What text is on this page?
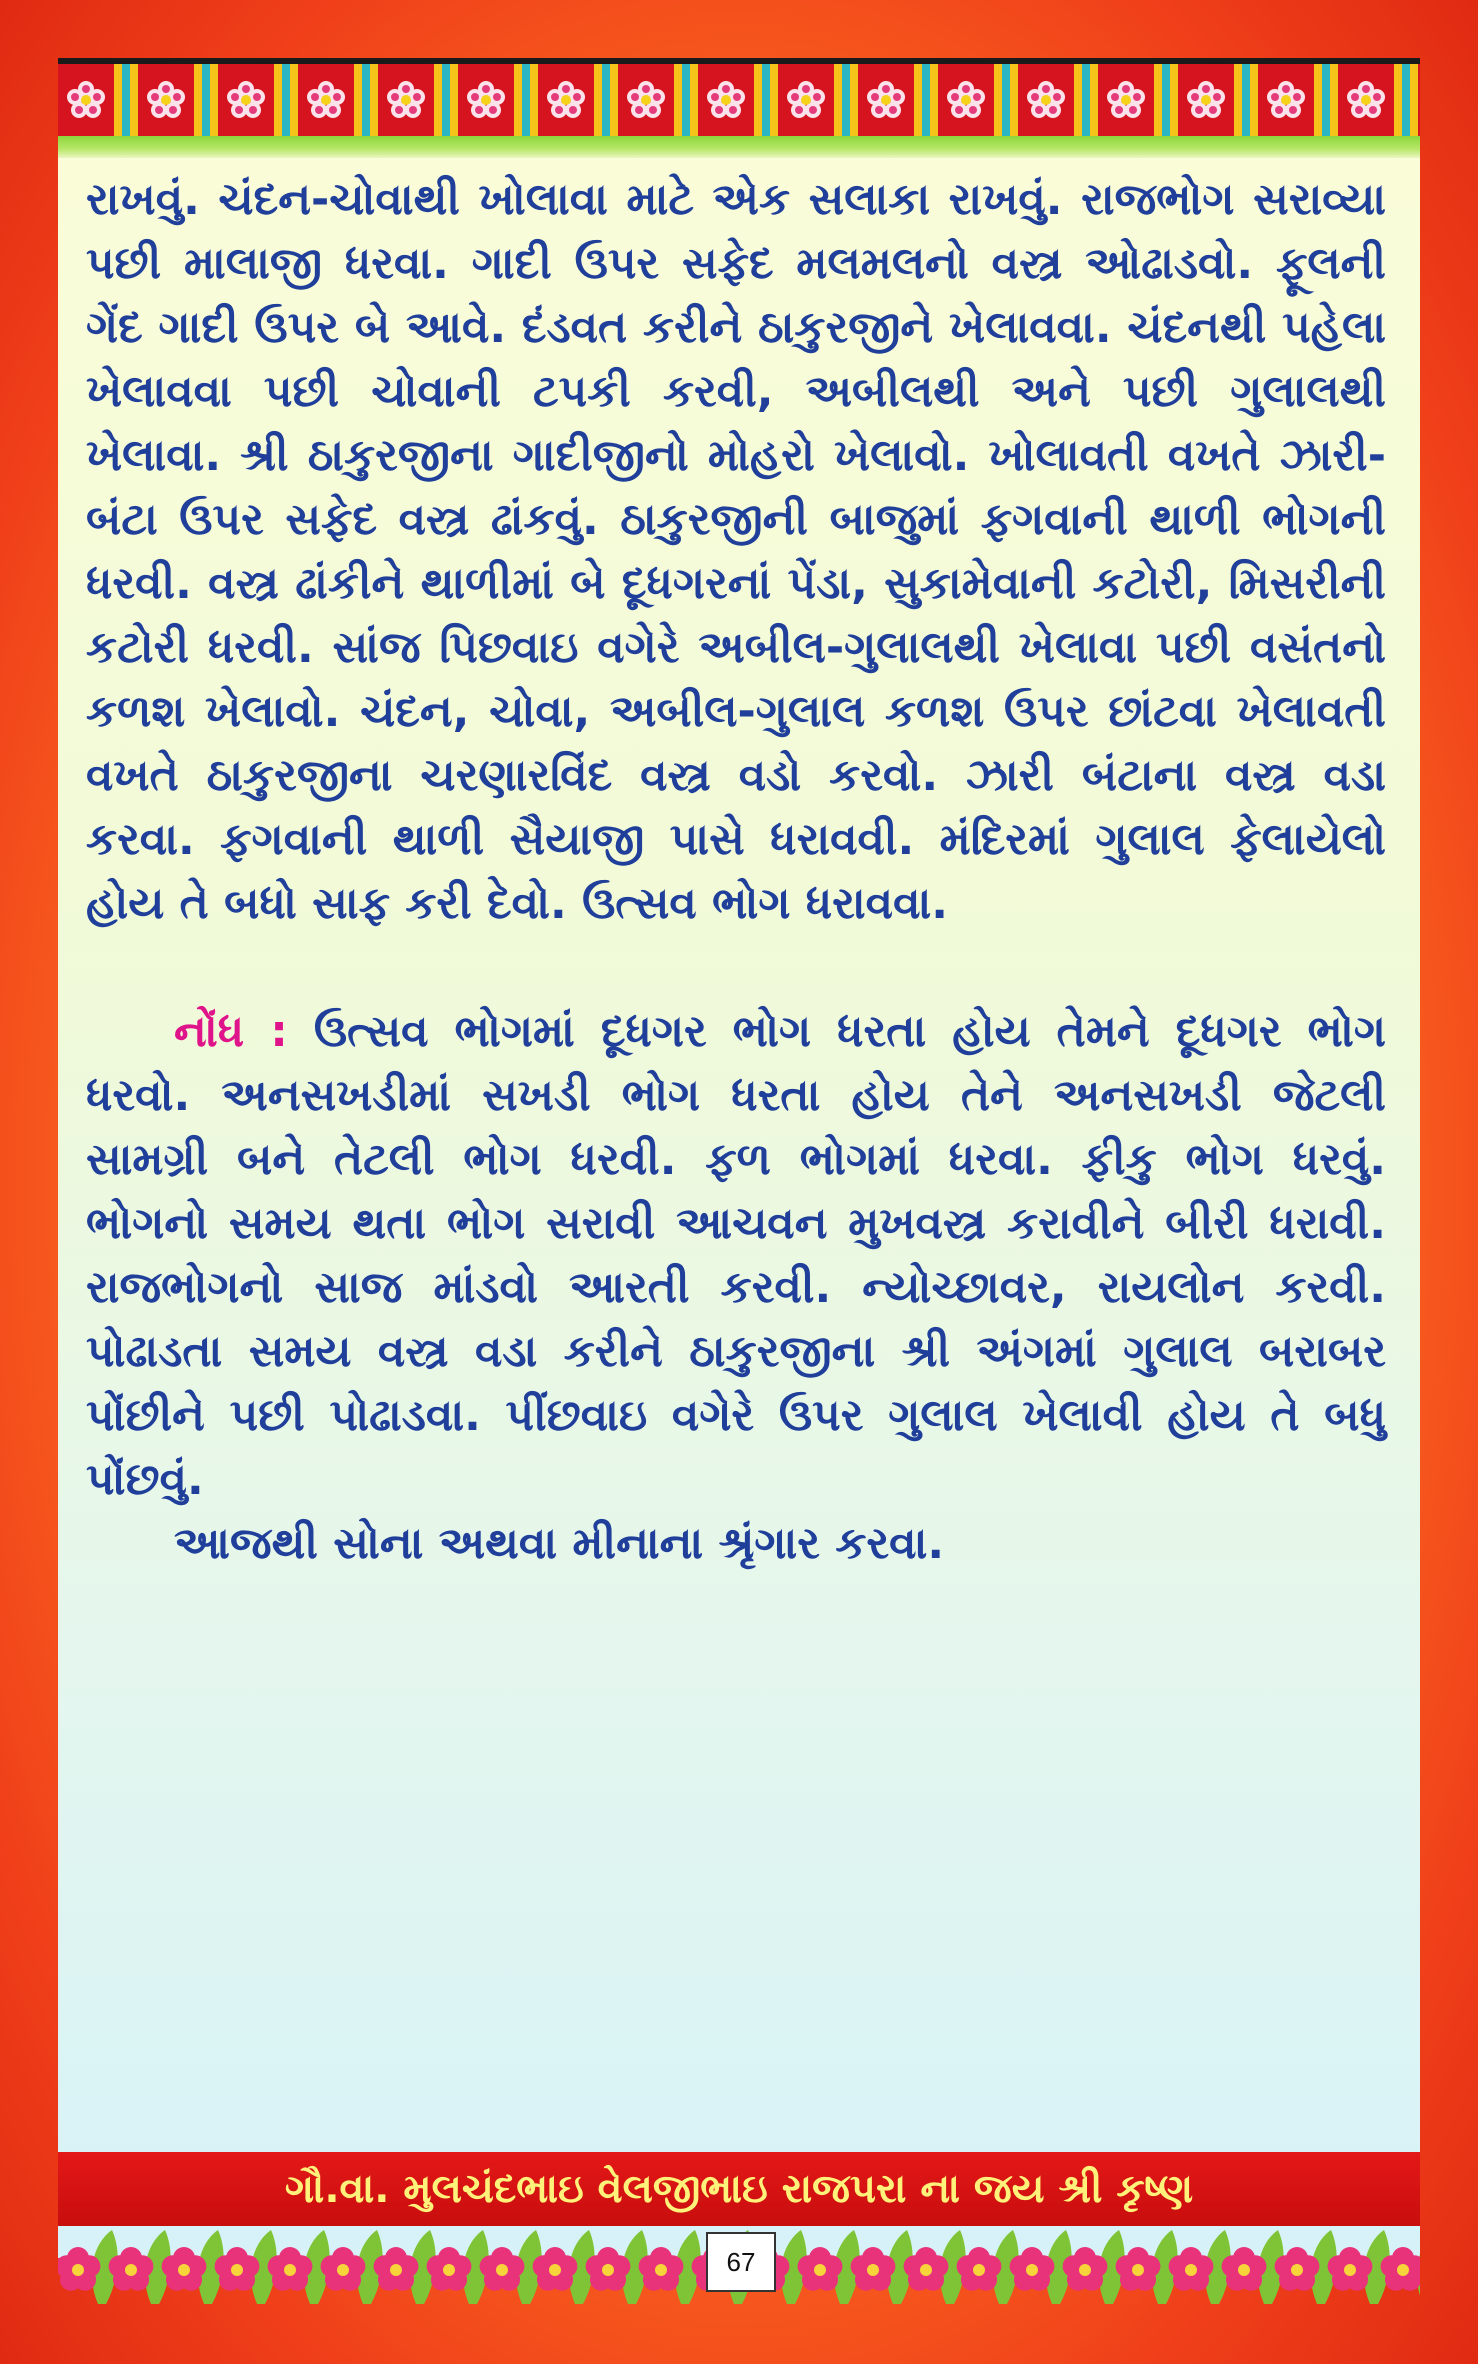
રાખવું. ચંદન-ચોવાથી ખોલાવા માટે એક સલાકા રાખવું. રાજભોગ સરાવ્યા પછી માલાજી ધરવા. ગાદી ઉપર સફેદ મલમલનો વસ્ત્ર ઓઢાડવો. ફૂલની ગેંદ ગાદી ઉપર બે આવે. દંડવત કરીને ઠાકુરજીને ખેલાવવા. ચંદનથી પહેલા ખેલાવવા પછી ચોવાની ટપકી કરવી, અબીલથી અને પછી ગુલાલથી ખેલાવા. શ્રી ઠાકુરજીના ગાદીજીનો મોહરો ખેલાવો. ખોલાવતી વખતે ઝારી-બંટા ઉપર સફેદ વસ્ત્ર ઢાંકવું. ઠાકુરજીની બાજુમાં ફગવાની થાળી ભોગની ધરવી. વસ્ત્ર ઢાંકીને થાળીમાં બે દૂધગરનાં પેંડા, સુકામેવાની કટોરી, મિસરીની કટોરી ધરવી. સાંજ પિછવાઇ વગેરે અબીલ-ગુલાલથી ખેલાવા પછી વસંતનો કળશ ખેલાવો. ચંદન, ચોવા, અબીલ-ગુલાલ કળશ ઉપર છાંટવા ખેલાવતી વખતે ઠાકુરજીના ચરણારવિંદ વસ્ત્ર વડો કરવો. ઝારી બંટાના વસ્ત્ર વડા કરવા. ફગવાની થાળી સૈયાજી પાસે ધરાવવી. મંદિરમાં ગુલાલ ફેલાયેલો હોય તે બધો સાફ કરી દેવો. ઉત્સવ ભોગ ધરાવવા.

નોંધ : ઉત્સવ ભોગમાં દૂધગર ભોગ ધરતા હોય તેમને દૂધગર ભોગ ધરવો. અનસખડીમાં સખડી ભોગ ધરતા હોય તેને અનસખડી જેટલી સામગ્રી બને તેટલી ભોગ ધરવી. ફળ ભોગમાં ધરવા. ફીકુ ભોગ ધરવું. ભોગનો સમય થતા ભોગ સરાવી આચવન મુખવસ્ત્ર કરાવીને બીરી ધરાવી. રાજભોગનો સાજ માંડવો આરતી કરવી. ન્યોચ્છાવર, રાયલોન કરવી. પોઢાડતા સમય વસ્ત્ર વડા કરીને ઠાકુરજીના શ્રી અંગમાં ગુલાલ બરાબર પોંછીને પછી પોઢાડવા. પીંછવાઇ વગેરે ઉપર ગુલાલ ખેલાવી હોય તે બધુ પોંછવું.

આજથી સોના અથવા મીનાના શ્રૃંગાર કરવા.

ગૌ.વા. મુલચંદભાઇ વેલજીભાઇ રાજપરા ના જય શ્રી કૃષ્ણ
67
